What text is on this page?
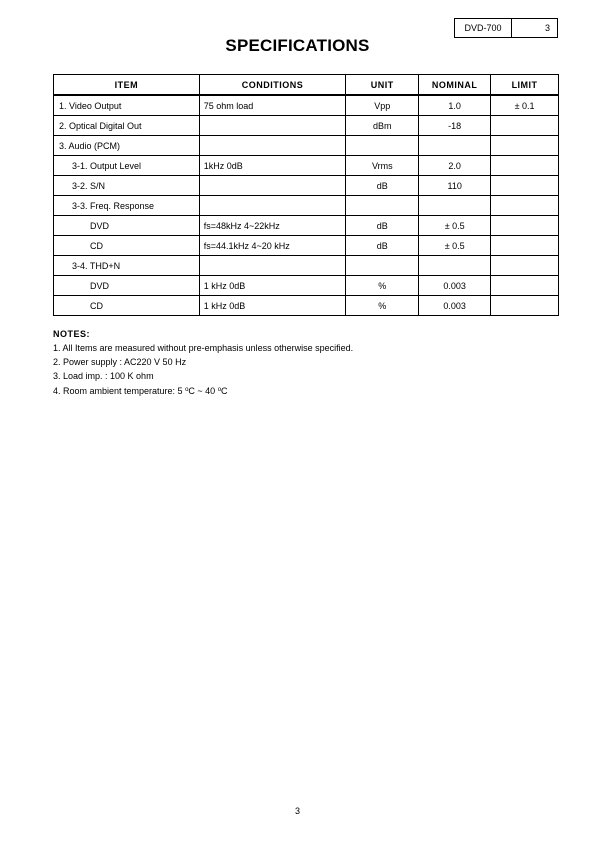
DVD-700	3
SPECIFICATIONS
ITEM	CONDITIONS	UNIT	NOMINAL	LIMIT
1. Video Output	75 ohm load	Vpp	1.0	± 0.1
2. Optical Digital Out		dBm	-18	
3. Audio (PCM)				
3-1. Output Level	1kHz 0dB	Vrms	2.0	
3-2. S/N		dB	110	
3-3. Freq. Response				
DVD	fs=48kHz 4~22kHz	dB	± 0.5	
CD	fs=44.1kHz 4~20 kHz	dB	± 0.5	
3-4. THD+N				
DVD	1 kHz 0dB	%	0.003	
CD	1 kHz 0dB	%	0.003	
NOTES:
1. All Items are measured without pre-emphasis unless otherwise specified.
2. Power supply : AC220 V 50 Hz
3. Load imp. : 100 K ohm
4. Room ambient temperature: 5 $^o$C ~ 40 $^o$C
3
